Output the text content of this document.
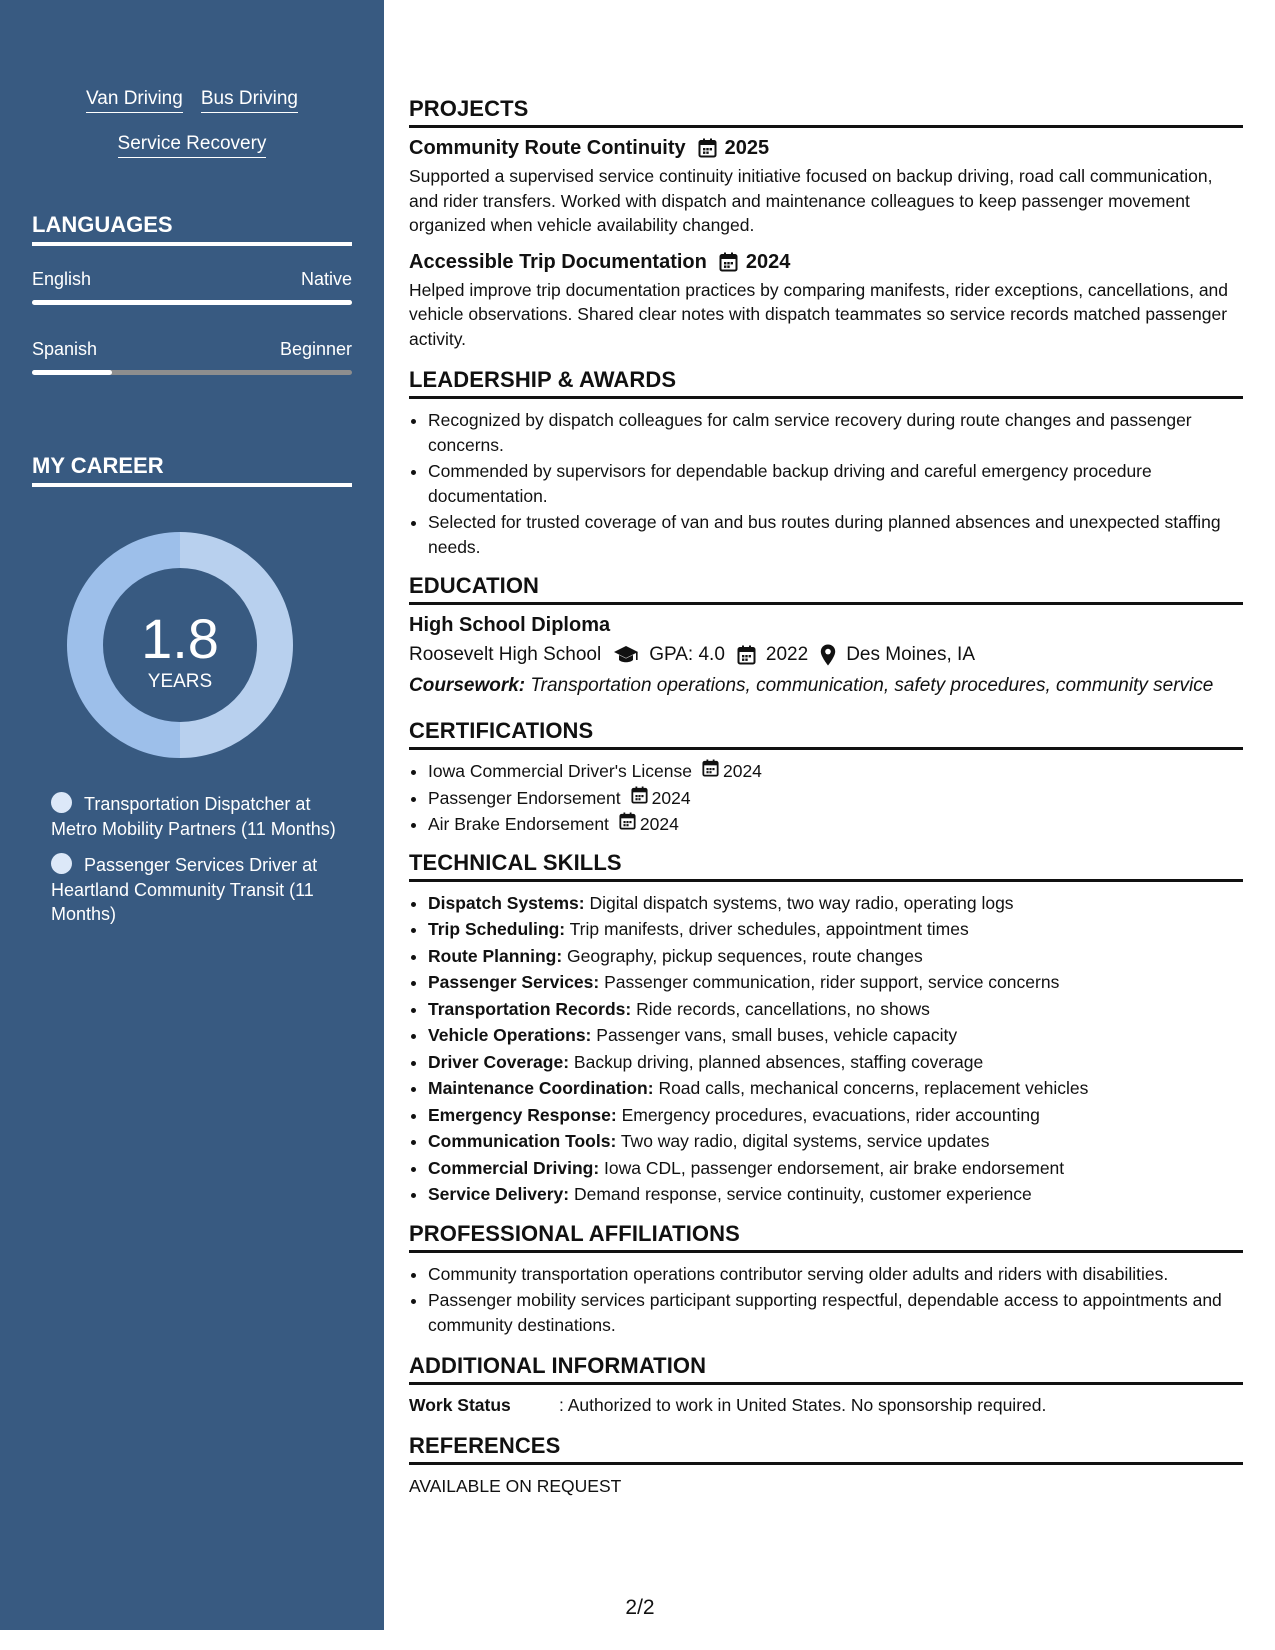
Van Driving Bus Driving
Service Recovery
LANGUAGES
English	Native
Spanish	Beginner
MY CAREER
1.8
YEARS
Transportation Dispatcher at Metro Mobility Partners (11 Months)
Passenger Services Driver at Heartland Community Transit (11 Months)
PROJECTS
Community Route Continuity 2025
Supported a supervised service continuity initiative focused on backup driving, road call communication, and rider transfers. Worked with dispatch and maintenance colleagues to keep passenger movement organized when vehicle availability changed.
Accessible Trip Documentation 2024
Helped improve trip documentation practices by comparing manifests, rider exceptions, cancellations, and vehicle observations. Shared clear notes with dispatch teammates so service records matched passenger activity.
LEADERSHIP & AWARDS
• Recognized by dispatch colleagues for calm service recovery during route changes and passenger concerns.
• Commended by supervisors for dependable backup driving and careful emergency procedure documentation.
• Selected for trusted coverage of van and bus routes during planned absences and unexpected staffing needs.
EDUCATION
High School Diploma
Roosevelt High School	GPA: 4.0 2022 Des Moines, IA
Coursework: Transportation operations, communication, safety procedures, community service
CERTIFICATIONS
• Iowa Commercial Driver's License 2024
• Passenger Endorsement 2024
• Air Brake Endorsement 2024
TECHNICAL SKILLS
• Dispatch Systems: Digital dispatch systems, two way radio, operating logs
• Trip Scheduling: Trip manifests, driver schedules, appointment times
• Route Planning: Geography, pickup sequences, route changes
• Passenger Services: Passenger communication, rider support, service concerns
• Transportation Records: Ride records, cancellations, no shows
• Vehicle Operations: Passenger vans, small buses, vehicle capacity
• Driver Coverage: Backup driving, planned absences, staffing coverage
• Maintenance Coordination: Road calls, mechanical concerns, replacement vehicles
• Emergency Response: Emergency procedures, evacuations, rider accounting
• Communication Tools: Two way radio, digital systems, service updates
• Commercial Driving: Iowa CDL, passenger endorsement, air brake endorsement
• Service Delivery: Demand response, service continuity, customer experience
PROFESSIONAL AFFILIATIONS
• Community transportation operations contributor serving older adults and riders with disabilities.
• Passenger mobility services participant supporting respectful, dependable access to appointments and community destinations.
ADDITIONAL INFORMATION
Work Status	: Authorized to work in United States. No sponsorship required.
REFERENCES
AVAILABLE ON REQUEST
2/2
